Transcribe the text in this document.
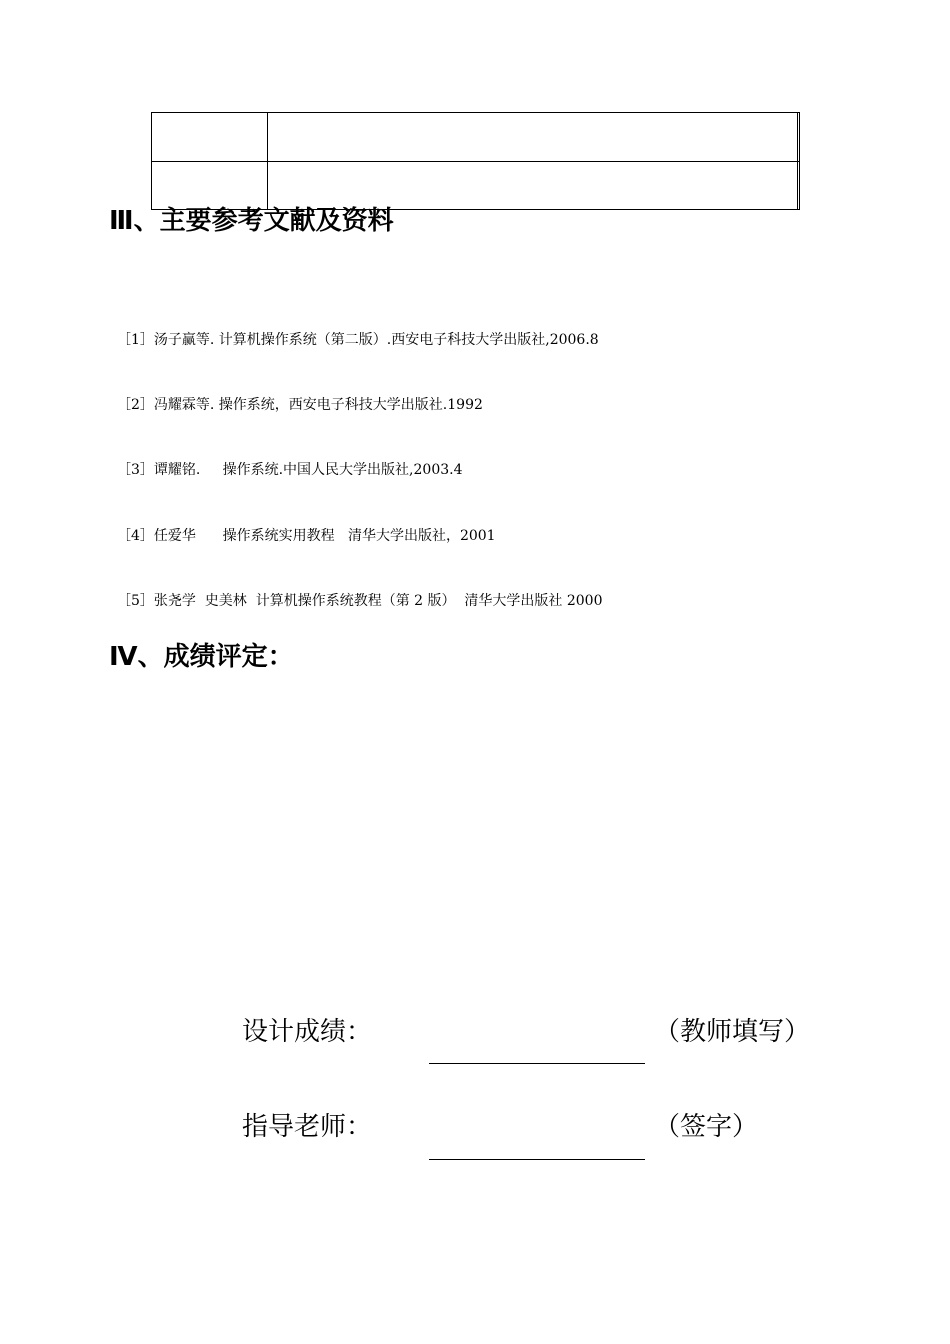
Ⅲ、主要参考文献及资料

［1］汤子赢等. 计算机操作系统（第二版）.西安电子科技大学出版社,2006.8

［2］冯耀霖等. 操作系统，西安电子科技大学出版社.1992

［3］谭耀铭.     操作系统.中国人民大学出版社,2003.4

［4］任爱华      操作系统实用教程   清华大学出版社，2001

［5］张尧学  史美林  计算机操作系统教程（第 2 版）  清华大学出版社 2000

Ⅳ、成绩评定：
设计成绩：	（教师填写）
指导老师：	（签字）
